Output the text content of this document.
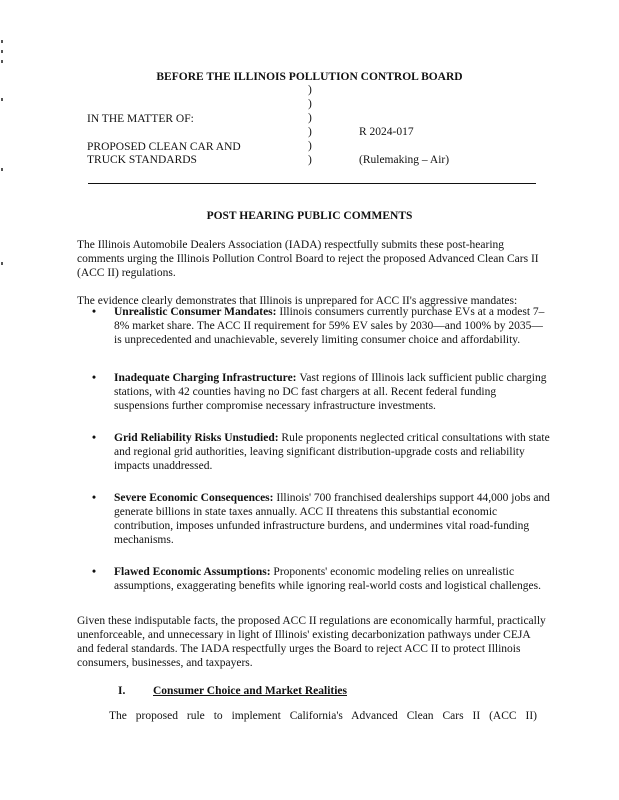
BEFORE THE ILLINOIS POLLUTION CONTROL BOARD
)
)
)
)
)
)
IN THE MATTER OF:
R 2024-017
PROPOSED CLEAN CAR AND
TRUCK STANDARDS	(Rulemaking – Air)
POST HEARING PUBLIC COMMENTS
The Illinois Automobile Dealers Association (IADA) respectfully submits these post-hearing comments urging the Illinois Pollution Control Board to reject the proposed Advanced Clean Cars II (ACC II) regulations.
The evidence clearly demonstrates that Illinois is unprepared for ACC II's aggressive mandates:
• Unrealistic Consumer Mandates: Illinois consumers currently purchase EVs at a modest 7–8% market share. The ACC II requirement for 59% EV sales by 2030—and 100% by 2035—is unprecedented and unachievable, severely limiting consumer choice and affordability.
• Inadequate Charging Infrastructure: Vast regions of Illinois lack sufficient public charging stations, with 42 counties having no DC fast chargers at all. Recent federal funding suspensions further compromise necessary infrastructure investments.
• Grid Reliability Risks Unstudied: Rule proponents neglected critical consultations with state and regional grid authorities, leaving significant distribution-upgrade costs and reliability impacts unaddressed.
• Severe Economic Consequences: Illinois' 700 franchised dealerships support 44,000 jobs and generate billions in state taxes annually. ACC II threatens this substantial economic contribution, imposes unfunded infrastructure burdens, and undermines vital road-funding mechanisms.
• Flawed Economic Assumptions: Proponents' economic modeling relies on unrealistic assumptions, exaggerating benefits while ignoring real-world costs and logistical challenges.
Given these indisputable facts, the proposed ACC II regulations are economically harmful, practically unenforceable, and unnecessary in light of Illinois' existing decarbonization pathways under CEJA and federal standards. The IADA respectfully urges the Board to reject ACC II to protect Illinois consumers, businesses, and taxpayers.
I. Consumer Choice and Market Realities
The proposed rule to implement California's Advanced Clean Cars II (ACC II)
